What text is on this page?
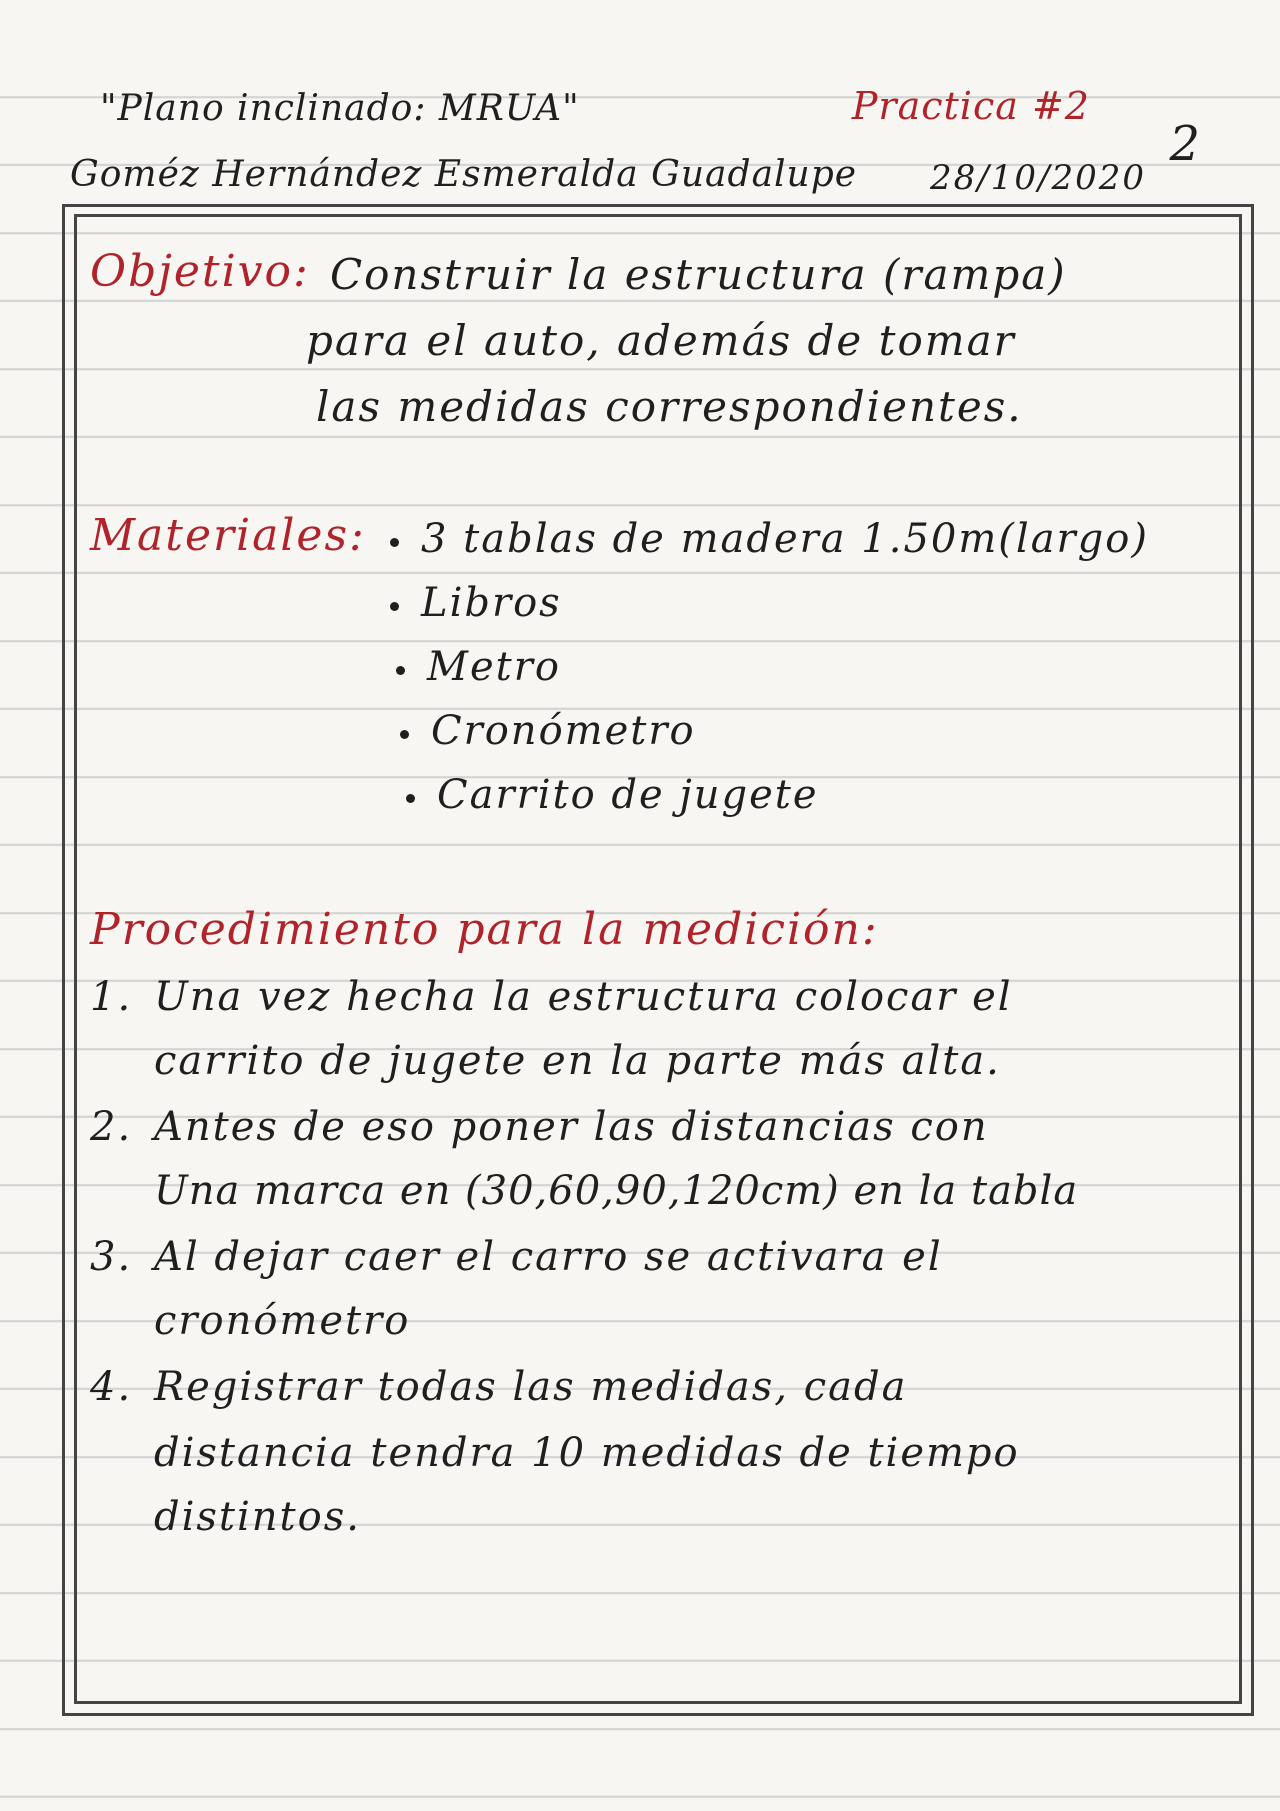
"Plano inclinado: MRUA"	Practica #2
2
Goméz Hernández Esmeralda Guadalupe 28/10/2020
Objetivo: Construir la estructura (rampa)
para el auto, además de tomar
las medidas correspondientes.
Materiales:	3 tablas de madera 1.50m(largo)
Libros
Metro
Cronómetro
Carrito de jugete
Procedimiento para la medición:
1. Una vez hecha la estructura colocar el
carrito de jugete en la parte más alta.
2. Antes de eso poner las distancias con
Una marca en (30,60,90,120cm) en la tabla
3. Al dejar caer el carro se activara el
cronómetro
4. Registrar todas las medidas, cada
distancia tendra 10 medidas de tiempo
distintos.
